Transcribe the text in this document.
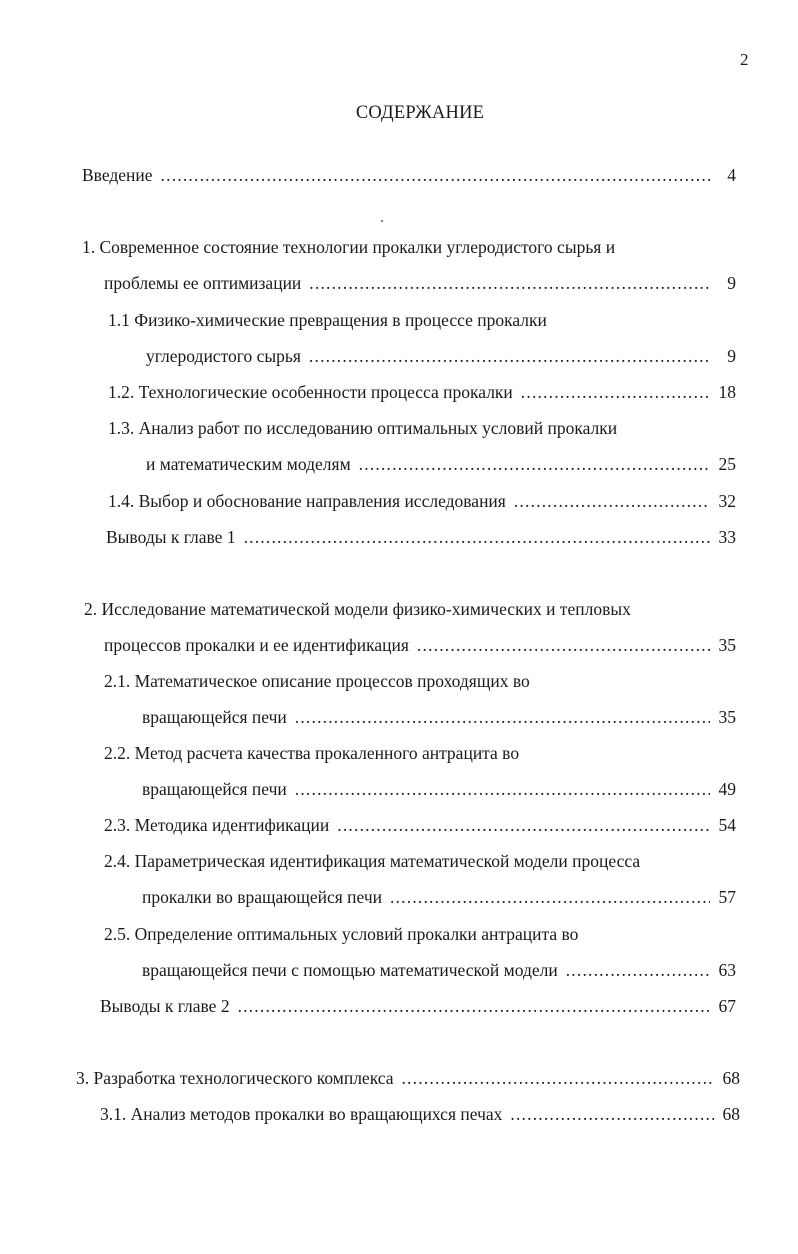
2
СОДЕРЖАНИЕ
Введение .....	4
1. Современное состояние технологии прокалки углеродистого сырья и
проблемы ее оптимизации .....	9
1.1 Физико-химические превращения в процессе прокалки
углеродистого сырья .....	9
1.2. Технологические особенности процесса прокалки .....	18
1.3. Анализ работ по исследованию оптимальных условий прокалки
и математическим моделям .....	25
1.4. Выбор и обоснование направления исследования .....	32
Выводы к главе 1 .....	33
2. Исследование математической модели физико-химических и тепловых
процессов прокалки и ее идентификация .....	35
2.1. Математическое описание процессов проходящих во
вращающейся печи .....	35
2.2. Метод расчета качества прокаленного антрацита во
вращающейся печи .....	49
2.3. Методика идентификации .....	54
2.4. Параметрическая идентификация математической модели процесса
прокалки во вращающейся печи .....	57
2.5. Определение оптимальных условий прокалки антрацита во
вращающейся печи с помощью математической модели .....	63
Выводы к главе 2 .....	67
3. Разработка технологического комплекса .....	68
3.1. Анализ методов прокалки во вращающихся печах .....	68
